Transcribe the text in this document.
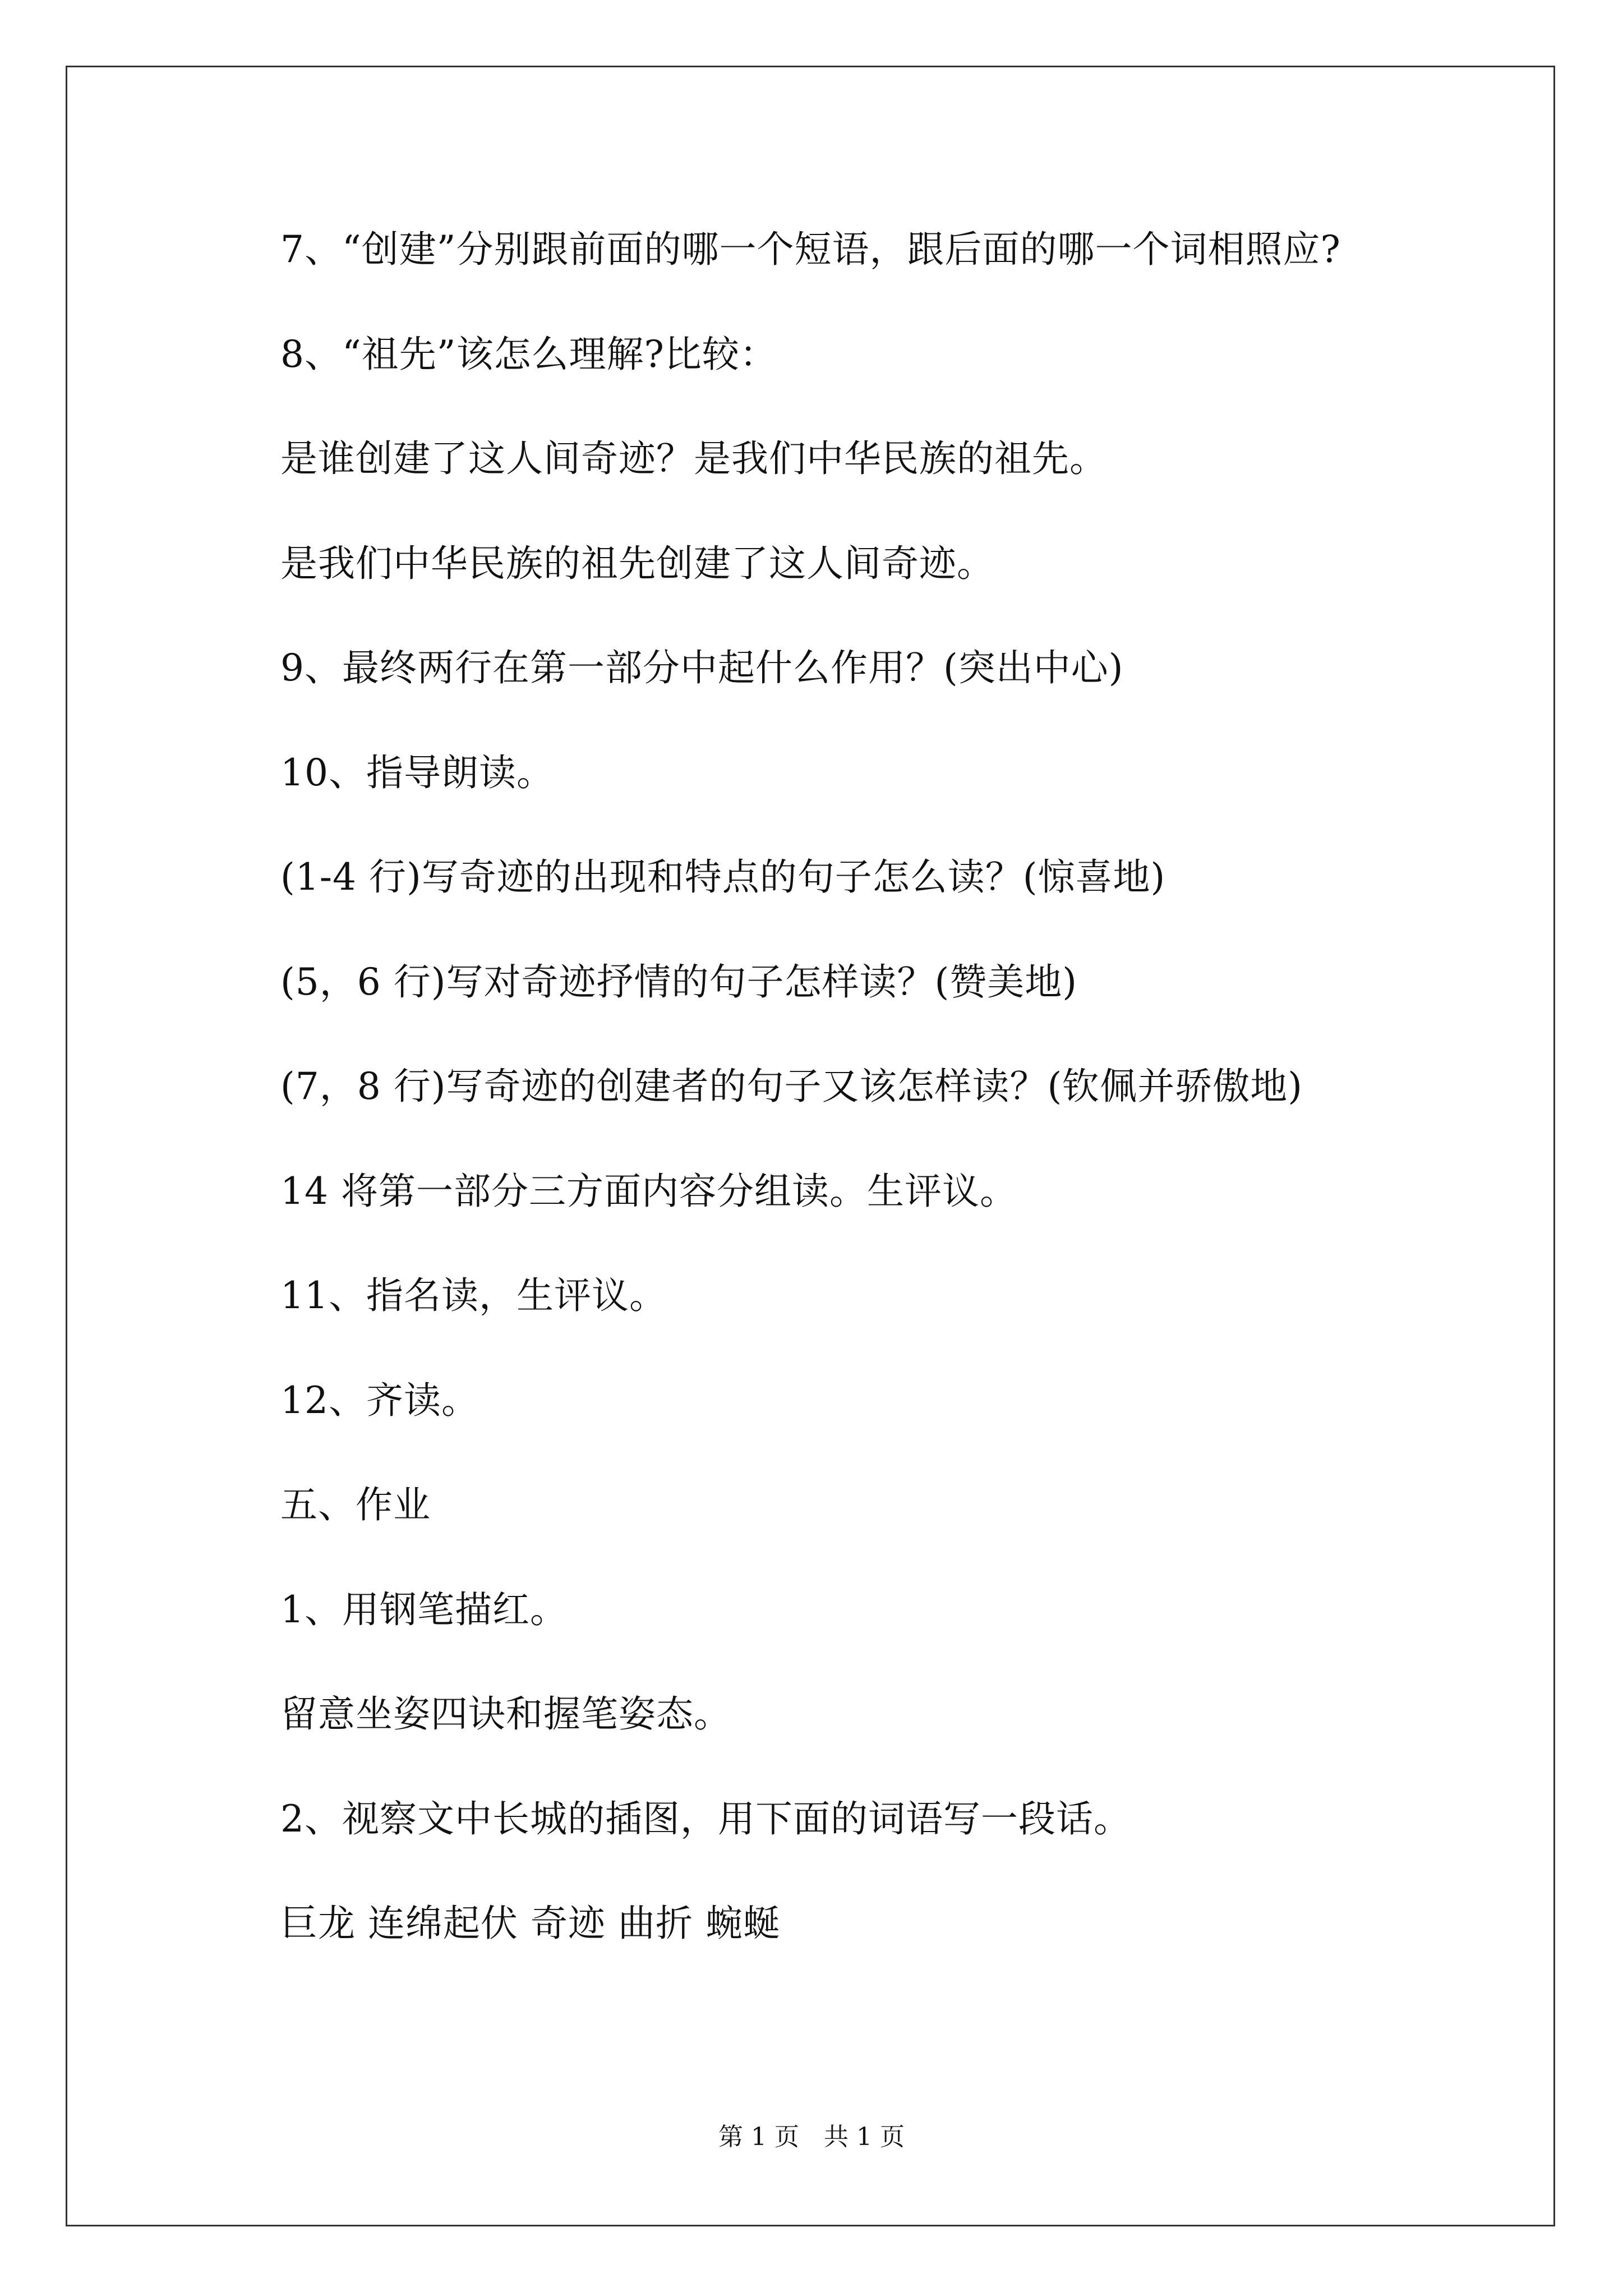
7、“创建”分别跟前面的哪一个短语，跟后面的哪一个词相照应?
8、“祖先”该怎么理解?比较：
是谁创建了这人间奇迹？是我们中华民族的祖先。
是我们中华民族的祖先创建了这人间奇迹。
9、最终两行在第一部分中起什么作用？(突出中心)
10、指导朗读。
(1-4 行)写奇迹的出现和特点的句子怎么读？(惊喜地)
(5，6 行)写对奇迹抒情的句子怎样读？(赞美地)
(7，8 行)写奇迹的创建者的句子又该怎样读？(钦佩并骄傲地)
14 将第一部分三方面内容分组读。生评议。
11、指名读，生评议。
12、齐读。
五、作业
1、用钢笔描红。
留意坐姿四诀和握笔姿态。
2、视察文中长城的插图，用下面的词语写一段话。
巨龙 连绵起伏 奇迹 曲折 蜿蜒
第 1 页　共 1 页
